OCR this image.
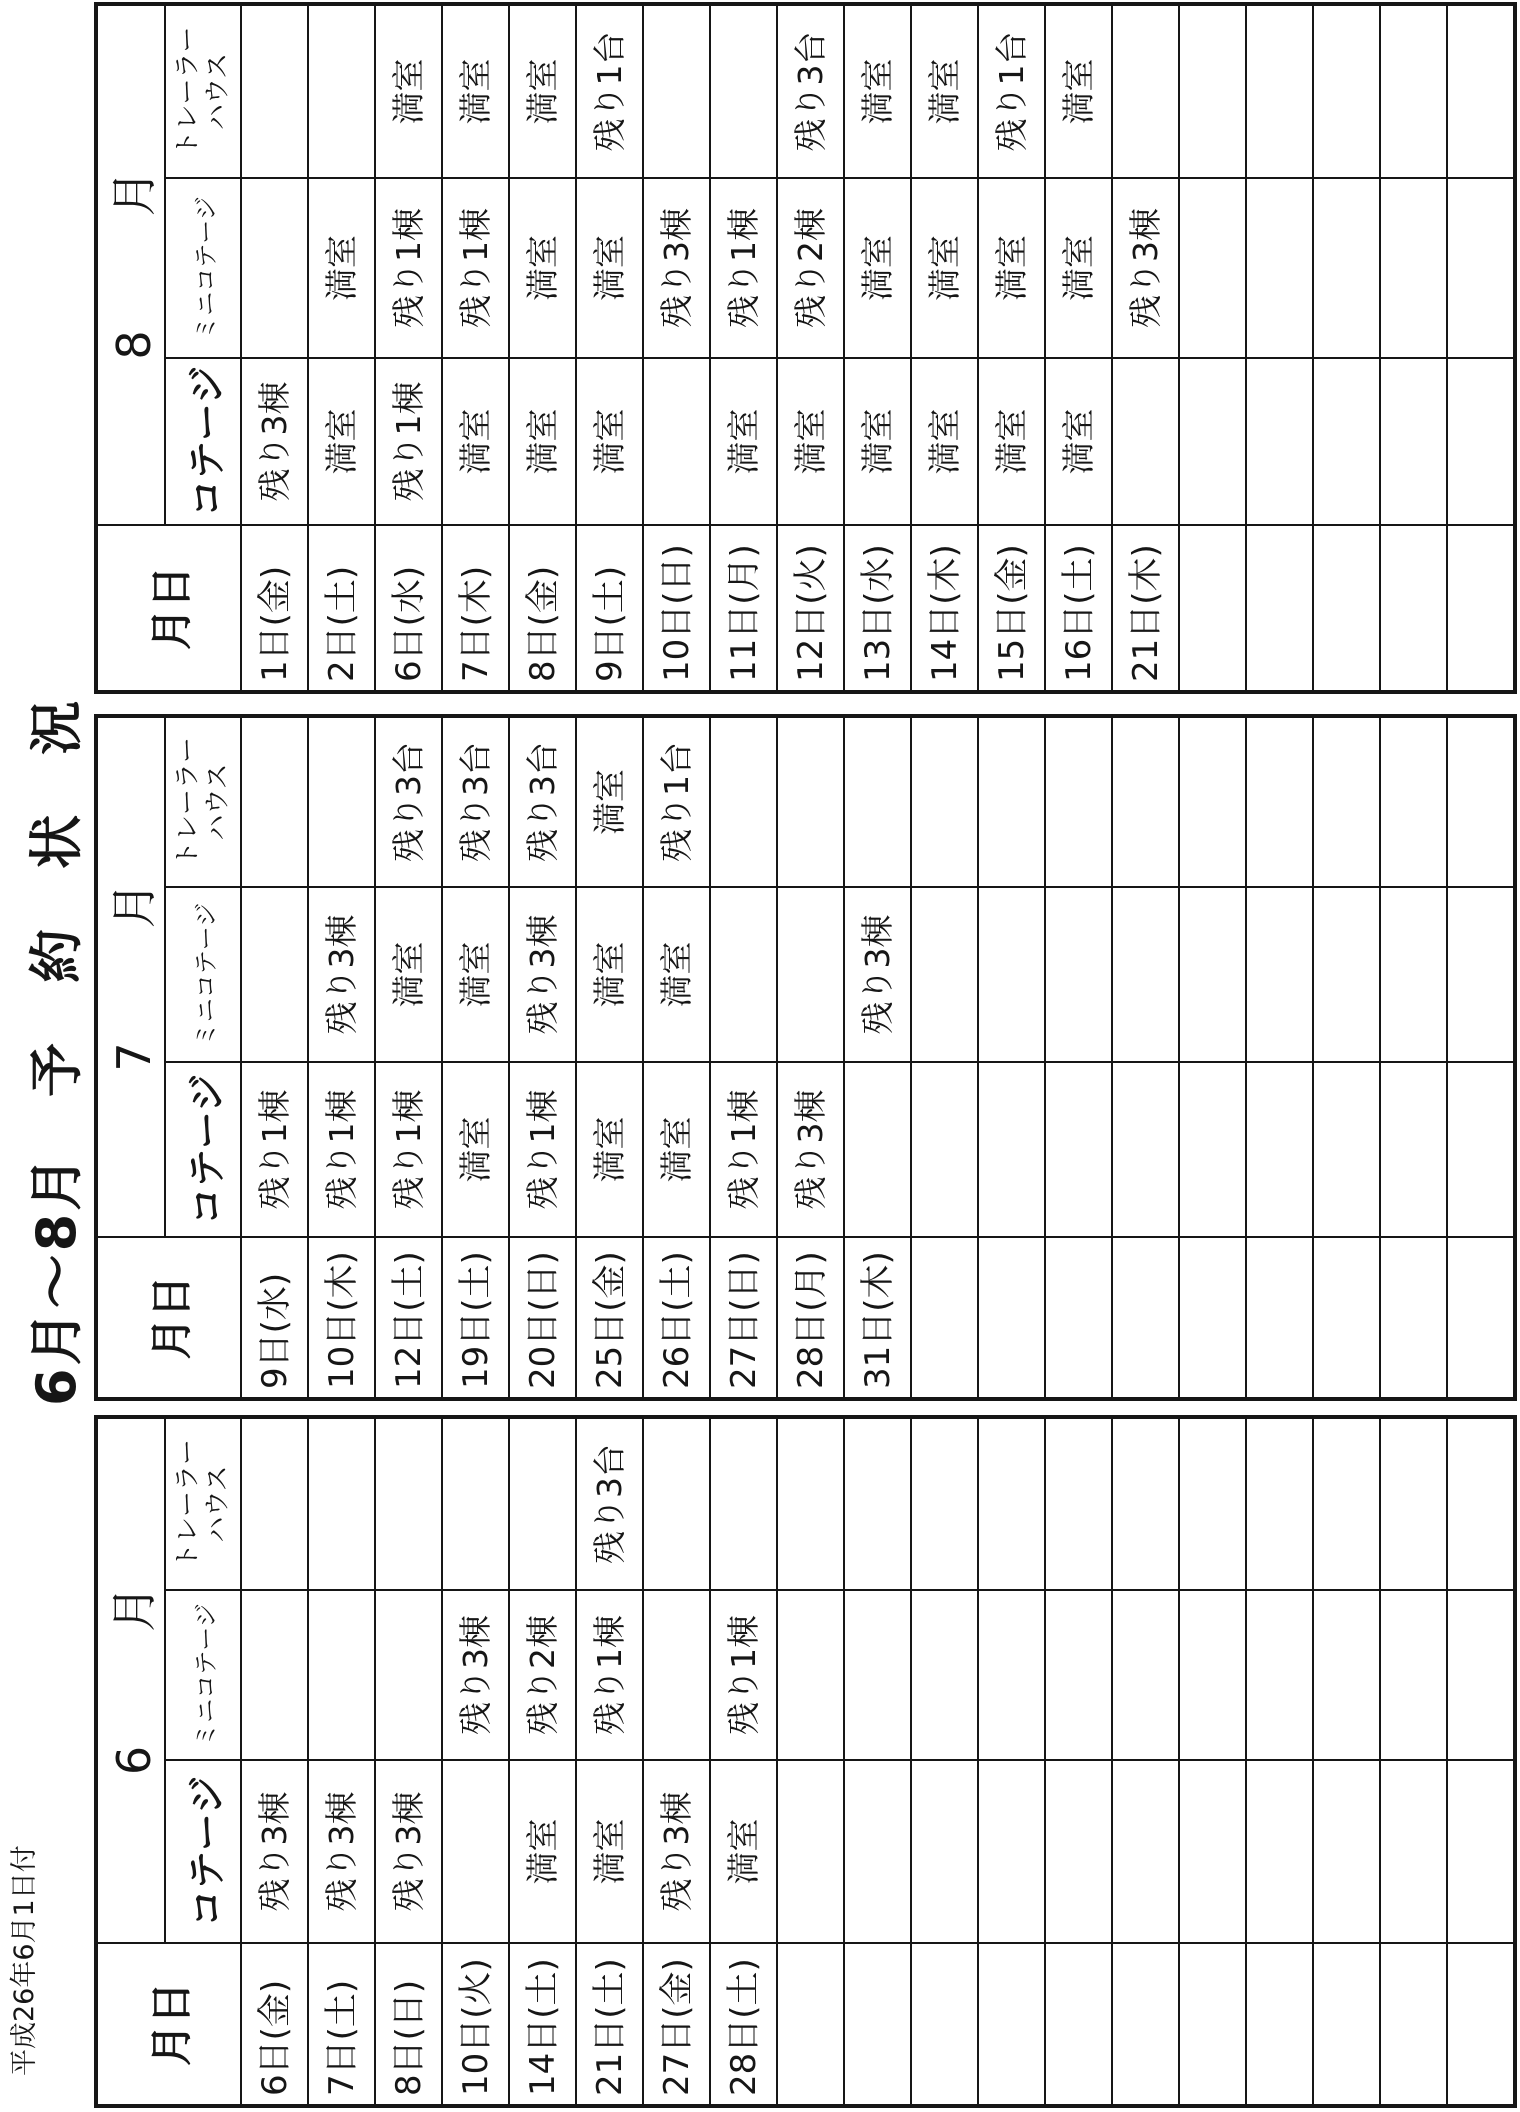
平成26年6月1日付
6月〜8月　予　約　状　況
月日	6　月		
	コテージ	ミニコテージ	トレーラー ハウス

6日(金)	残り3棟		
7日(土)	残り3棟		
8日(日)	残り3棟		
10日(火)		残り3棟	
14日(土)	満室	残り2棟	
21日(土)	満室	残り1棟	残り3台
27日(金)	残り3棟		
28日(土)	満室	残り1棟	

月日	7　月		
	コテージ	ミニコテージ	トレーラー ハウス

9日(水)	残り1棟		
10日(木)	残り1棟	残り3棟	
12日(土)	残り1棟	満室	残り3台
19日(土)	満室	満室	残り3台
20日(日)	残り1棟	残り3棟	残り3台
25日(金)	満室	満室	満室
26日(土)	満室	満室	残り1台
27日(日)	残り1棟		
28日(月)	残り3棟		
31日(木)		残り3棟	

月日	8　月		
	コテージ	ミニコテージ	トレーラー ハウス

1日(金)	残り3棟		
2日(土)	満室	満室	
6日(水)	残り1棟	残り1棟	満室
7日(木)	満室	残り1棟	満室
8日(金)	満室	満室	満室
9日(土)	満室	満室	残り1台
10日(日)		残り3棟	
11日(月)	満室	残り1棟	
12日(火)	満室	残り2棟	残り3台
13日(水)	満室	満室	満室
14日(木)	満室	満室	満室
15日(金)	満室	満室	残り1台
16日(土)	満室	満室	満室
21日(木)		残り3棟	
